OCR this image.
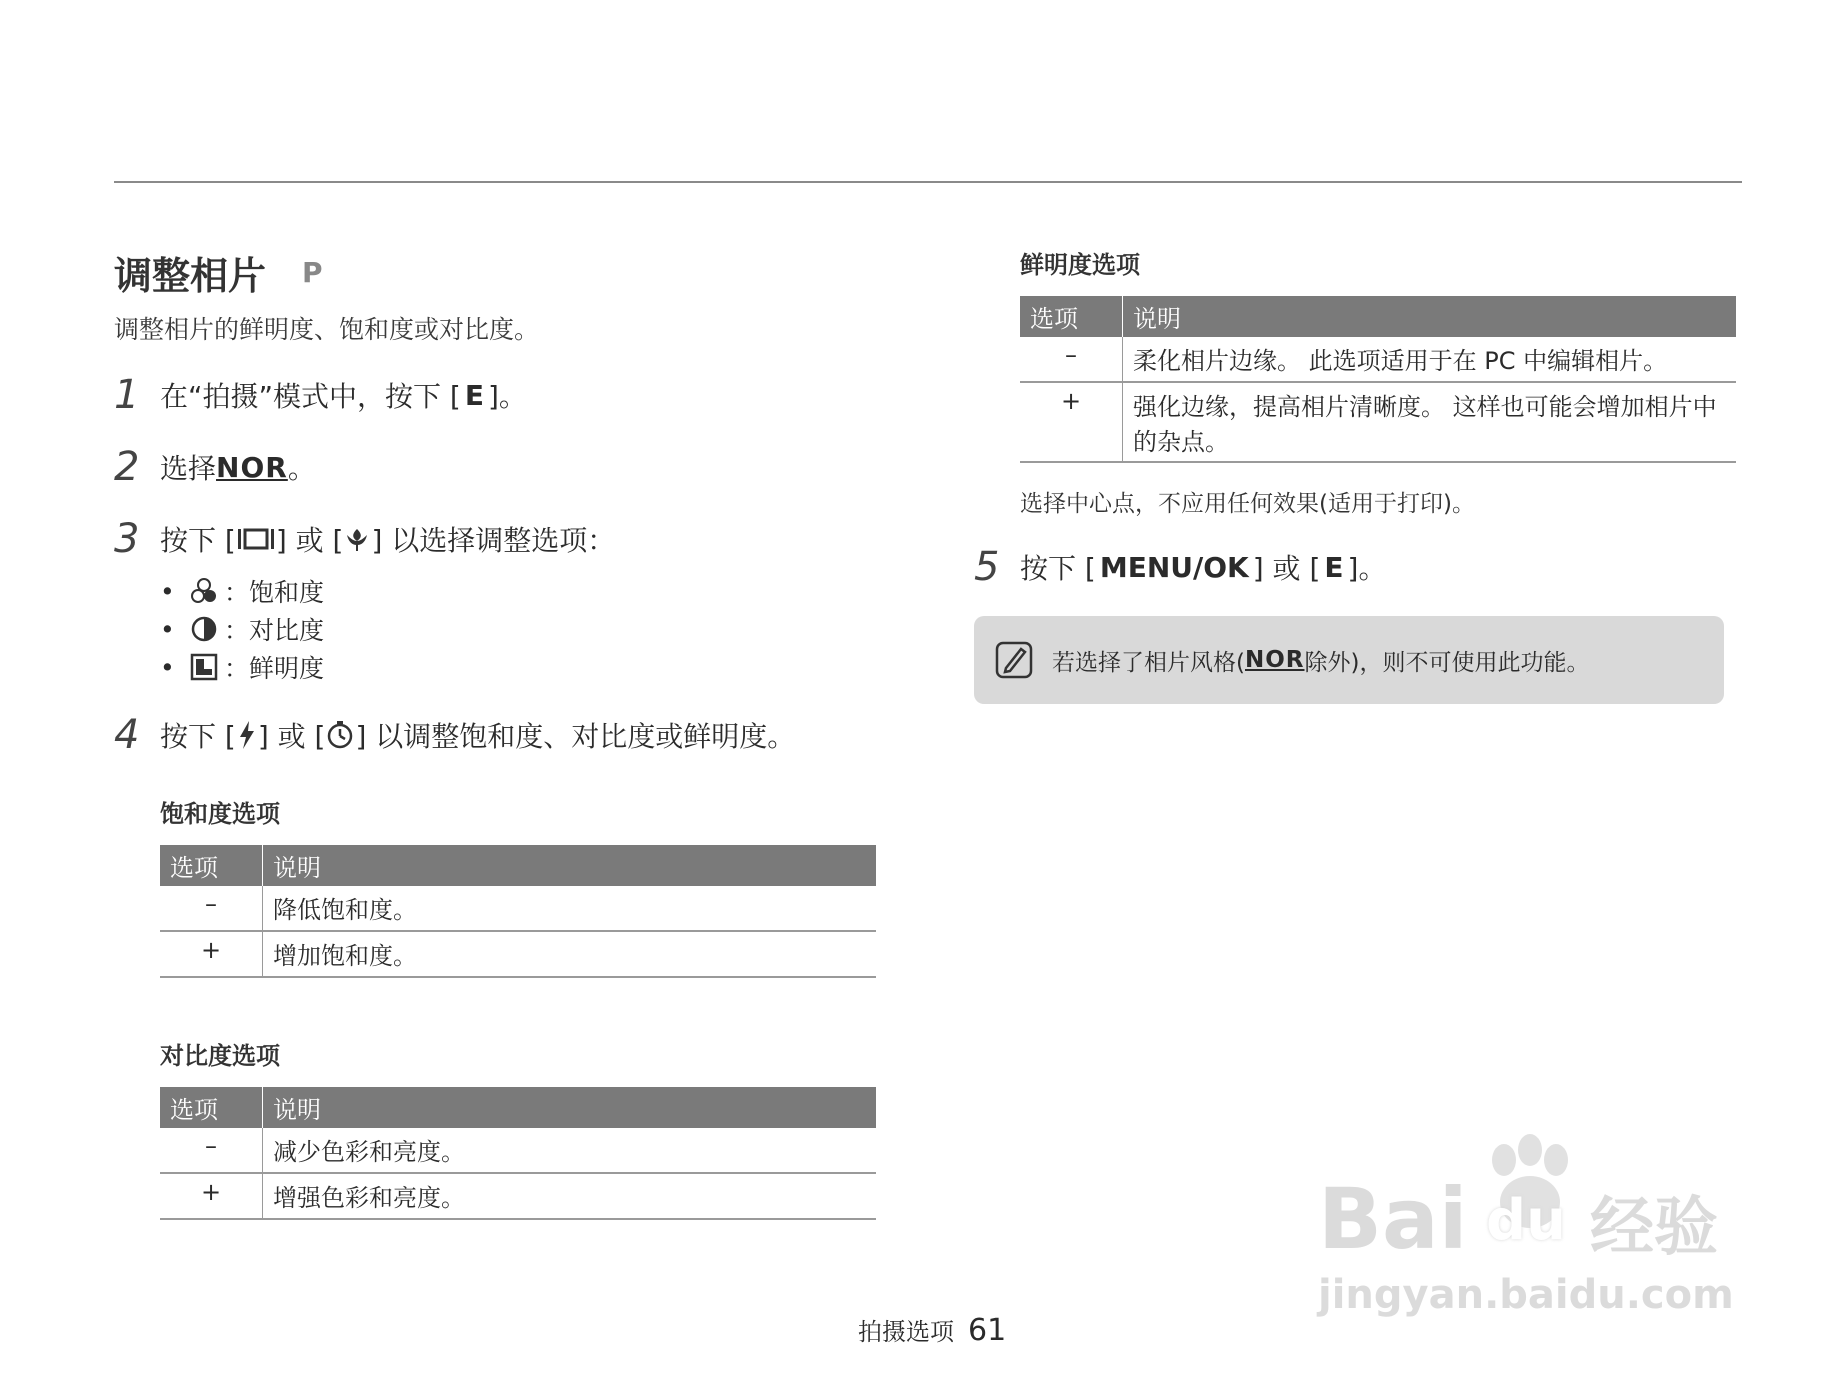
调整相片 P
调整相片的鲜明度、饱和度或对比度。
1 在“拍摄”模式中，按下 [ E ]。
2 选择 NOR 。
3 按下 [ ] 或 [ ] 以选择调整选项：
•	：饱和度
•	：对比度
•	：鲜明度
4 按下 [ ] 或 [ ] 以调整饱和度、对比度或鲜明度。
饱和度选项
选项	说明
–	降低饱和度。
+	增加饱和度。
对比度选项
选项	说明
–	减少色彩和亮度。
+	增强色彩和亮度。
鲜明度选项
选项	说明
–	柔化相片边缘。 此选项适用于在 PC 中编辑相片。
+	强化边缘，提高相片清晰度。 这样也可能会增加相片中的杂点。
选择中心点，不应用任何效果(适用于打印)。
5 按下 [ MENU/OK ] 或 [ E ]。
若选择了相片风格( NOR 除外)，则不可使用此功能。
拍摄选项 61
Bai du 经验
jingyan.baidu.com
